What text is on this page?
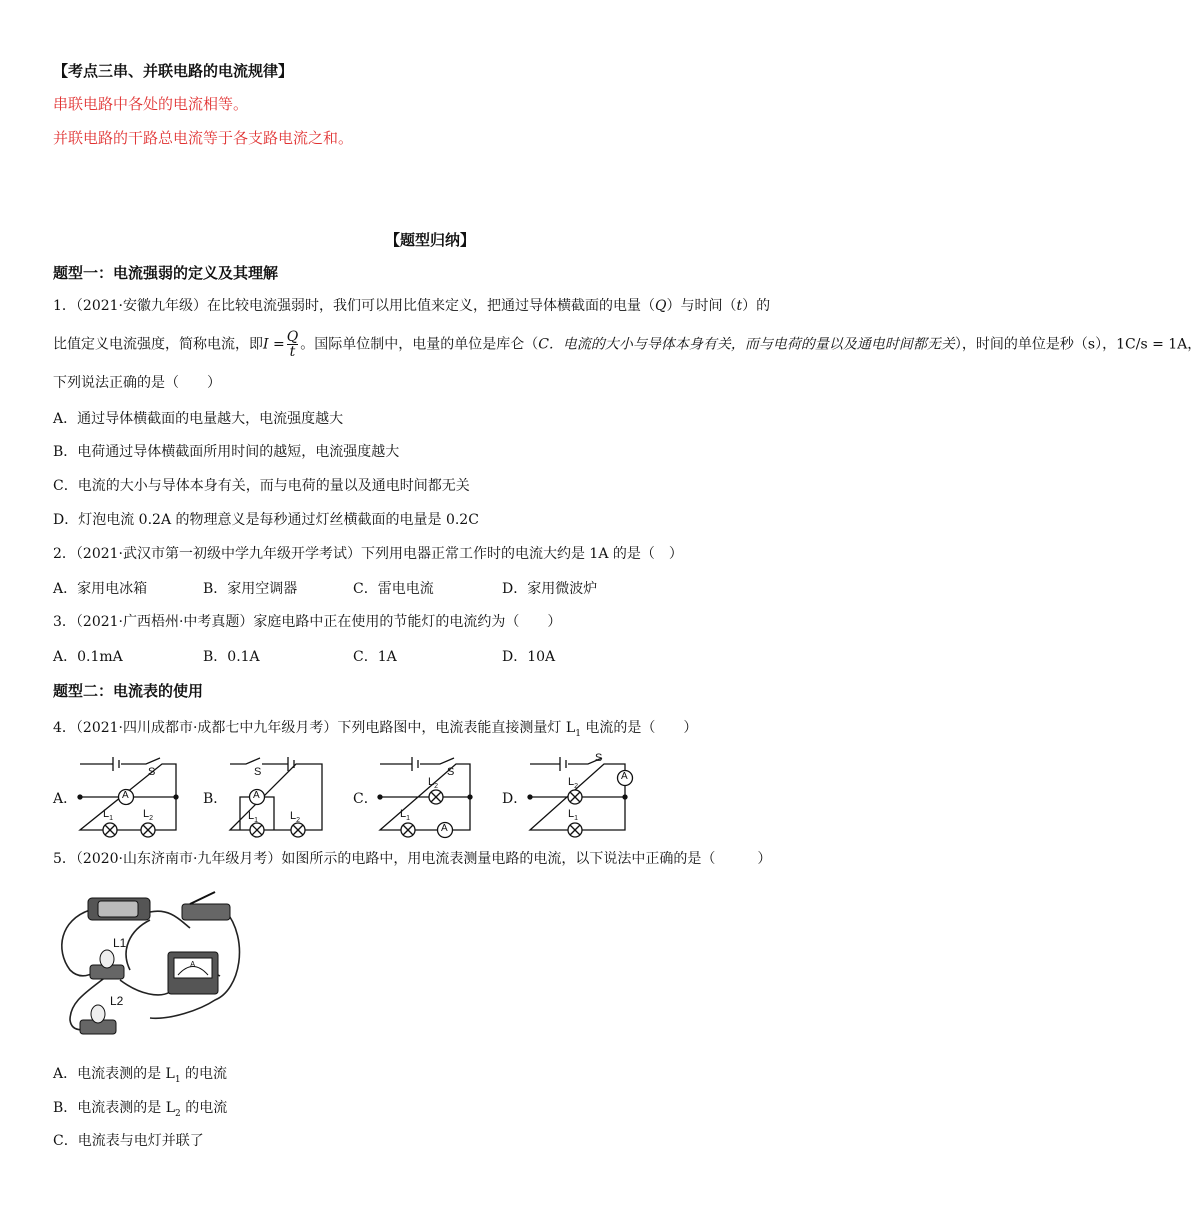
【考点三串、并联电路的电流规律】
串联电路中各处的电流相等。
并联电路的干路总电流等于各支路电流之和。
【题型归纳】
题型一：电流强弱的定义及其理解
1．（2021·安徽九年级）在比较电流强弱时，我们可以用比值来定义，把通过导体横截面的电量（Q）与时间（t）的
比值定义电流强度，简称电流，即$I = \frac{Q}{t}$ 。国际单位制中，电量的单位是库仑（C．电流的大小与导体本身有关，而与电荷的量以及通电时间都无关），时间的单位是秒（s），1C/s = 1A，
下列说法正确的是（　　）
A．通过导体横截面的电量越大，电流强度越大
B．电荷通过导体横截面所用时间的越短，电流强度越大
C．电流的大小与导体本身有关，而与电荷的量以及通电时间都无关
D．灯泡电流 0.2A 的物理意义是每秒通过灯丝横截面的电量是 0.2C
2．（2021·武汉市第一初级中学九年级开学考试）下列用电器正常工作时的电流大约是 1A 的是（　）
A．家用电冰箱	B．家用空调器	C．雷电电流	D．家用微波炉
3．（2021·广西梧州·中考真题）家庭电路中正在使用的节能灯的电流约为（　　）
A．0.1mA	B．0.1A	C．1A	D．10A
题型二：电流表的使用
4．（2021·四川成都市·成都七中九年级月考）下列电路图中，电流表能直接测量灯 $L_1$ 电流的是（　　）
A．	B．	C．	D．
S
A
$L_1$	$L_2$
S
A
$L_1$	$L_2$
S
$L_2$
$L_1$
A
S
$L_2$
$L_1$
A
5．（2020·山东济南市·九年级月考）如图所示的电路中，用电流表测量电路的电流，以下说法中正确的是（　　　）
L1
L2
A
A．电流表测的是 $L_1$ 的电流
B．电流表测的是 $L_2$ 的电流
C．电流表与电灯并联了
